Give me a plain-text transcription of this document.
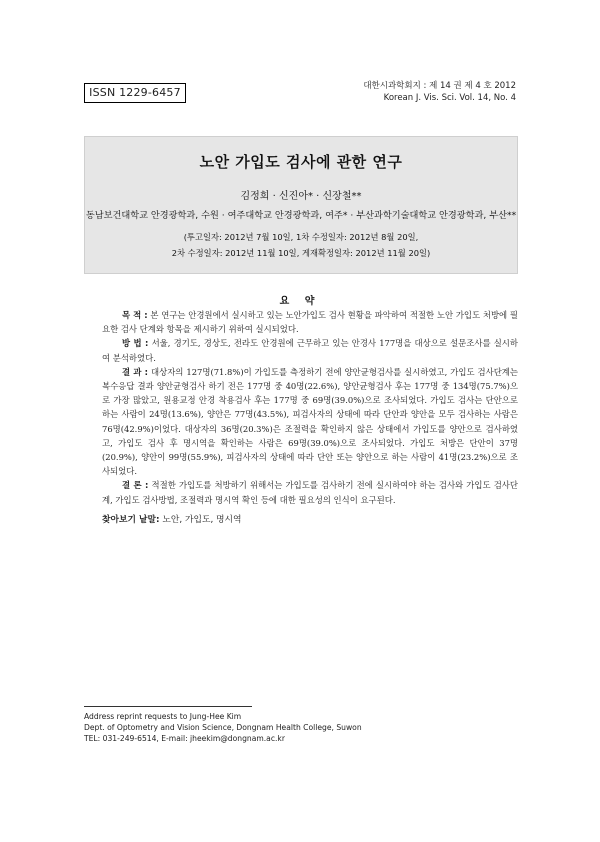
ISSN 1229-6457	대한시과학회지 : 제 14 권 제 4 호 2012
Korean J. Vis. Sci. Vol. 14, No. 4
노안 가입도 검사에 관한 연구
김정희 · 신진아* · 신장철**
동남보건대학교 안경광학과, 수원 · 여주대학교 안경광학과, 여주* · 부산과학기술대학교 안경광학과, 부산**
(투고일자: 2012년 7월 10일, 1차 수정일자: 2012년 8월 20일,
2차 수정일자: 2012년 11월 10일, 게재확정일자: 2012년 11월 20일)
요 약

목 적 : 본 연구는 안경원에서 실시하고 있는 노안가입도 검사 현황을 파악하여 적절한 노안 가입도 처방에 필요한 검사 단계와 항목을 제시하기 위하여 실시되었다.

방 법 : 서울, 경기도, 경상도, 전라도 안경원에 근무하고 있는 안경사 177명을 대상으로 설문조사를 실시하여 분석하였다.

결 과 : 대상자의 127명(71.8%)이 가입도를 측정하기 전에 양안균형검사를 실시하였고, 가입도 검사단계는 복수응답 결과 양안균형검사 하기 전은 177명 중 40명(22.6%), 양안균형검사 후는 177명 중 134명(75.7%)으로 가장 많았고, 원용교정 안경 착용검사 후는 177명 중 69명(39.0%)으로 조사되었다. 가입도 검사는 단안으로 하는 사람이 24명(13.6%), 양안은 77명(43.5%), 피검사자의 상태에 따라 단안과 양안을 모두 검사하는 사람은 76명(42.9%)이었다. 대상자의 36명(20.3%)은 조절력을 확인하지 않은 상태에서 가입도를 양안으로 검사하였고, 가입도 검사 후 명시역을 확인하는 사람은 69명(39.0%)으로 조사되었다. 가입도 처방은 단안이 37명(20.9%), 양안이 99명(55.9%), 피검사자의 상태에 따라 단안 또는 양안으로 하는 사람이 41명(23.2%)으로 조사되었다.

결 론 : 적절한 가입도를 처방하기 위해서는 가입도를 검사하기 전에 실시하여야 하는 검사와 가입도 검사단계, 가입도 검사방법, 조절력과 명시역 확인 등에 대한 필요성의 인식이 요구된다.

찾아보기 낱말: 노안, 가입도, 명시역
Address reprint requests to Jung-Hee Kim
Dept. of Optometry and Vision Science, Dongnam Health College, Suwon
TEL: 031-249-6514, E-mail: jheekim@dongnam.ac.kr
